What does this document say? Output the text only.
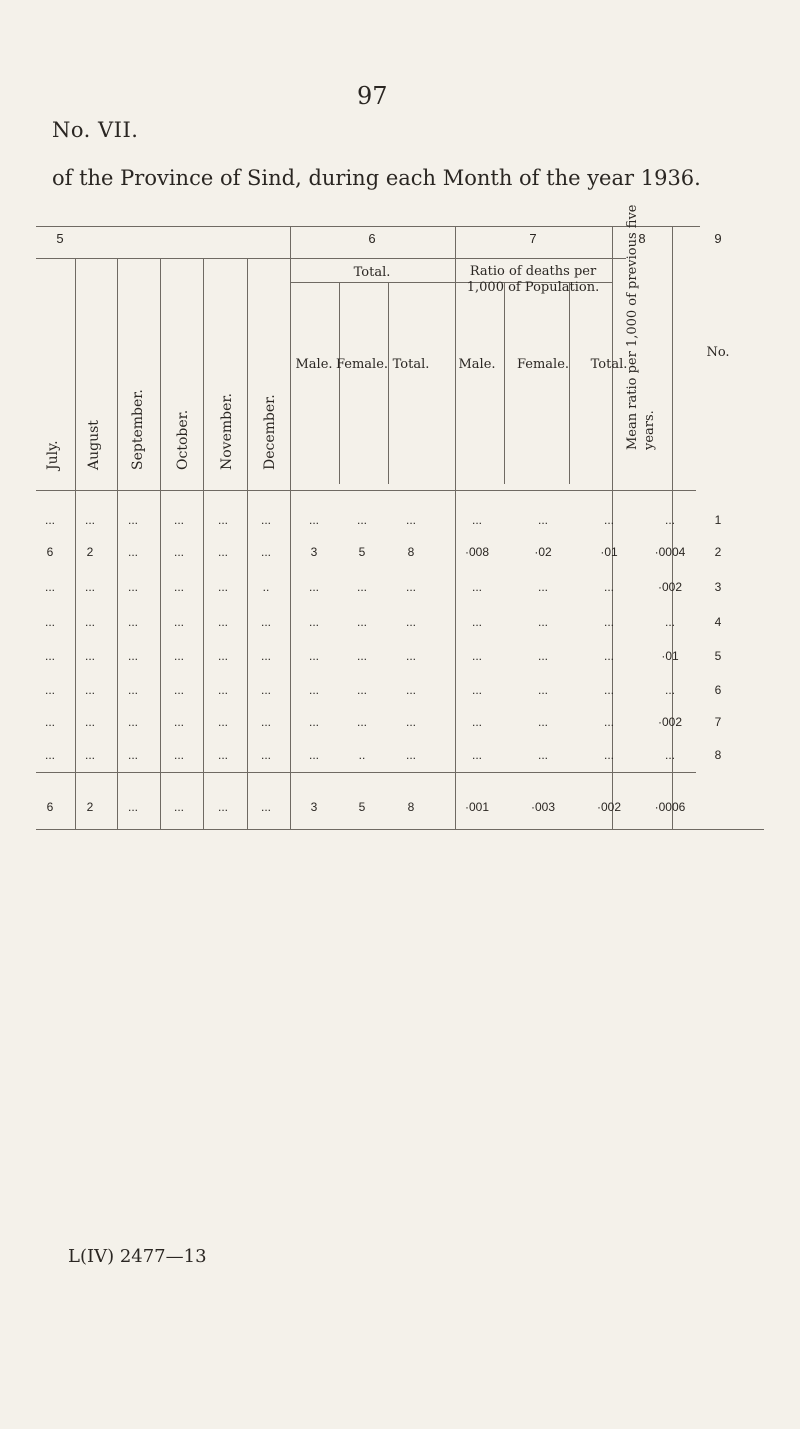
97
No. VII.
of the Province of Sind, during each Month of the year 1936.
5	6	7	8	9
Total.	Ratio of deaths per 1,000 of Population.
July. August September. October. November. December.
Male. Female. Total.	Male.	Female.	Total.
Mean ratio per 1,000 of previous five years.
No.
...	...	...	...	...	...	...	...	...	...	...	...	...	1
6	2	...	...	...	...	3	5	8	·008	·02	·01	·0004	2
...	...	...	...	...	..	...	...	...	...	...	...	·002	3
...	...	...	...	...	...	...	...	...	...	...	...	...	4
...	...	...	...	...	...	...	...	...	...	...	...	·01	5
...	...	...	...	...	...	...	...	...	...	...	...	...	6
...	...	...	...	...	...	...	...	...	...	...	...	·002	7
...	...	...	...	...	...	...	..	...	...	...	...	...	8
6	2	...	...	...	...	3	5	8	·001	·003	·002	·0006
L(IV) 2477—13
